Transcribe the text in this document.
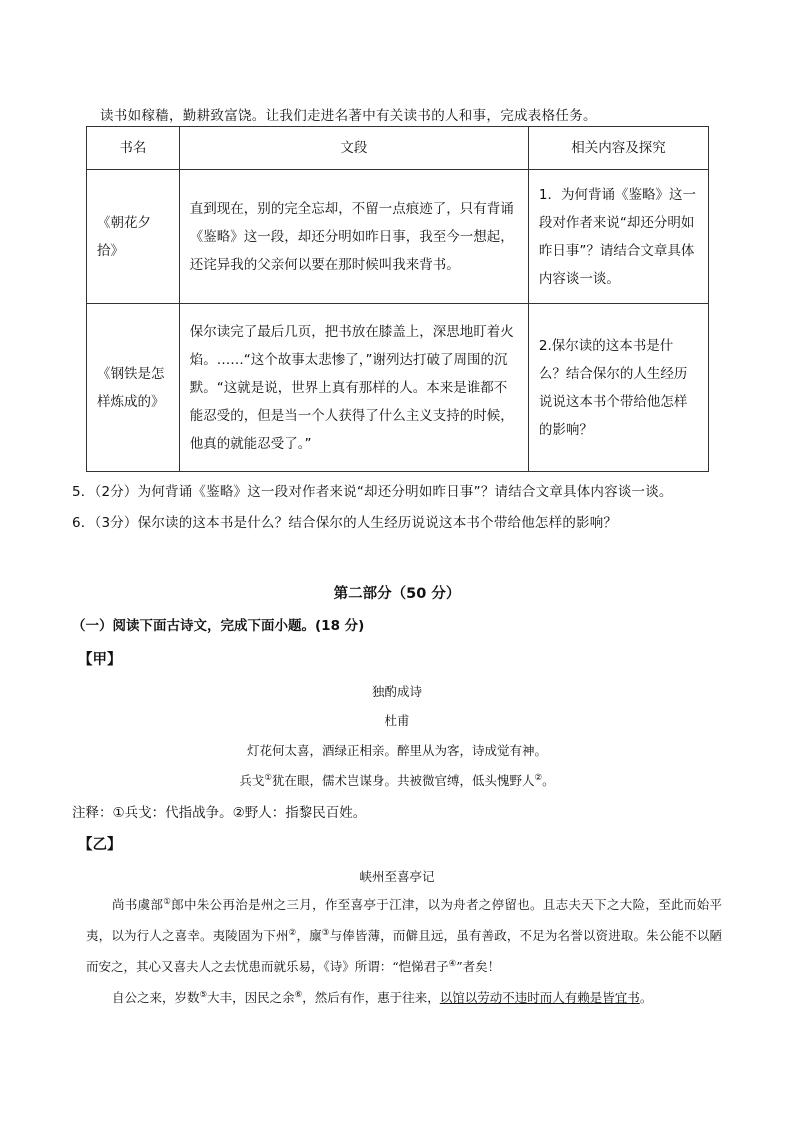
读书如稼穑，勤耕致富饶。让我们走进名著中有关读书的人和事，完成表格任务。
书名	文段	相关内容及探究
《朝花夕拾》	直到现在，别的完全忘却，不留一点痕迹了，只有背诵《鉴略》这一段，却还分明如昨日事，我至今一想起，还诧异我的父亲何以要在那时候叫我来背书。	1．为何背诵《鉴略》这一段对作者来说“却还分明如昨日事”？请结合文章具体内容谈一谈。
《钢铁是怎样炼成的》	保尔读完了最后几页，把书放在膝盖上，深思地盯着火焰。……“这个故事太悲惨了，”谢列达打破了周围的沉默。“这就是说，世界上真有那样的人。本来是谁都不能忍受的，但是当一个人获得了什么主义支持的时候，他真的就能忍受了。”	2.保尔读的这本书是什么？结合保尔的人生经历说说这本书个带给他怎样的影响？
5．（2分）为何背诵《鉴略》这一段对作者来说“却还分明如昨日事”？请结合文章具体内容谈一谈。
6．（3分）保尔读的这本书是什么？结合保尔的人生经历说说这本书个带给他怎样的影响？
第二部分（50 分）
（一）阅读下面古诗文，完成下面小题。(18 分)
【甲】
独酌成诗
杜甫
灯花何太喜，酒绿正相亲。醉里从为客，诗成觉有神。
兵戈①犹在眼，儒术岂谋身。共被微官缚，低头愧野人②。
注释：①兵戈：代指战争。②野人：指黎民百姓。
【乙】
峡州至喜亭记

尚书虞部①郎中朱公再治是州之三月，作至喜亭于江津，以为舟者之停留也。且志夫天下之大险，至此而始平夷，以为行人之喜幸。夷陵固为下州②，廪③与俸皆薄，而僻且远，虽有善政，不足为名誉以资进取。朱公能不以陋而安之，其心又喜夫人之去忧患而就乐易，《诗》所谓：“恺悌君子④”者矣！

自公之来，岁数⑤大丰，因民之余⑥，然后有作，惠于往来，以馆以劳动不违时而人有赖是皆宜书。
